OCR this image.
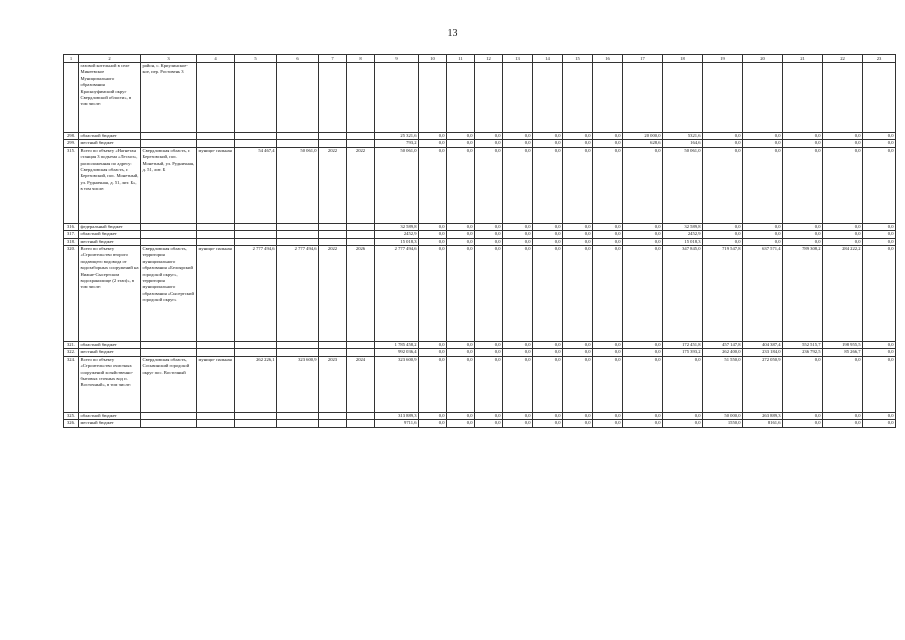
13
1	2	3	4	5	6	7	8	9	10	11	12	13	14	15	16	17	18	19	20	21	22	23
	газовой котельной в селе Минеевское Муниципального образования Красноуфимский округ Свердловской области», в том числе:	район, с. Криулинское- кое, пер. Ростовень 3																				
298.	областной бюджет							25 321,6	0,0	0,0	0,0	0,0	0,0	0,0	0,0	20 000,0	5321,6	0,0	0,0	0,0	0,0	0,0
299.	местный бюджет							793,2	0,0	0,0	0,0	0,0	0,0	0,0	0,0	628,6	164,6	0,0	0,0	0,0	0,0	0,0
315.	Всего по объекту «Нагнетан станция 3 подъема «Лесхоз», расположенная по адресу: Свердловская область, г. Березовский, пос. Монетный, ул. Рудничная, д. 51, лит. Б», в том числе:	Свердловская область, г. Березовский, пос. Монетный, ул. Рудничная, д. 51, лит. Б	муници- пальная	54 467,4	50 061,0	2022	2022	50 061,0	0,0	0,0	0,0	0,0	0,0	0,0	0,0	0,0	50 061,0	0,0	0,0	0,0	0,0	0,0
316.	федеральный бюджет							32 589,8	0,0	0,0	0,0	0,0	0,0	0,0	0,0	0,0	32 589,8	0,0	0,0	0,0	0,0	0,0
317.	областной бюджет							2452,9	0,0	0,0	0,0	0,0	0,0	0,0	0,0	0,0	2452,9	0,0	0,0	0,0	0,0	0,0
318.	местный бюджет							15 018,3	0,0	0,0	0,0	0,0	0,0	0,0	0,0	0,0	15 018,3	0,0	0,0	0,0	0,0	0,0
320.	Всего по объекту «Строительство второго подающего водовода от водозаборных сооружений на Нижне-Сысертском водохранилище (2 этап)», в том числе:	Свердловская область, территория муниципального образования «Белоярский городской округ», территория муниципального образования «Сысертский городской округ»	муници- пальная	2 777 494,6	2 777 494,6	2022	2026	2 777 494,6	0,0	0,0	0,0	0,0	0,0	0,0	0,0	0,0	347 845,0	719 547,8	637 571,4	789 308,2	284 222,2	0,0
321.	областной бюджет							1 785 458,2	0,0	0,0	0,0	0,0	0,0	0,0	0,0	0,0	172 451,8	457 147,8	404 387,4	552 515,7	198 955,5	0,0
322.	местный бюджет							992 036,4	0,0	0,0	0,0	0,0	0,0	0,0	0,0	0,0	175 393,2	262 400,0	233 184,0	236 792,5	85 266,7	0,0
324.	Всего по объекту «Строительство очистных сооружений хозяйственно- бытовых сточных вод п. Восточный», в том числе:	Свердловская область, Сосьвинский городской округ пос. Восточный	муници- пальная	262 226,1	323 600,9	2023	2024	323 600,9	0,0	0,0	0,0	0,0	0,0	0,0	0,0	0,0	0,0	51 550,0	272 050,9	0,0	0,0	0,0
325.	областной бюджет							313 889,3	0,0	0,0	0,0	0,0	0,0	0,0	0,0	0,0	0,0	50 000,0	263 889,3	0,0	0,0	0,0
326.	местный бюджет							9711,6	0,0	0,0	0,0	0,0	0,0	0,0	0,0	0,0	0,0	1550,0	8161,6	0,0	0,0	0,0
